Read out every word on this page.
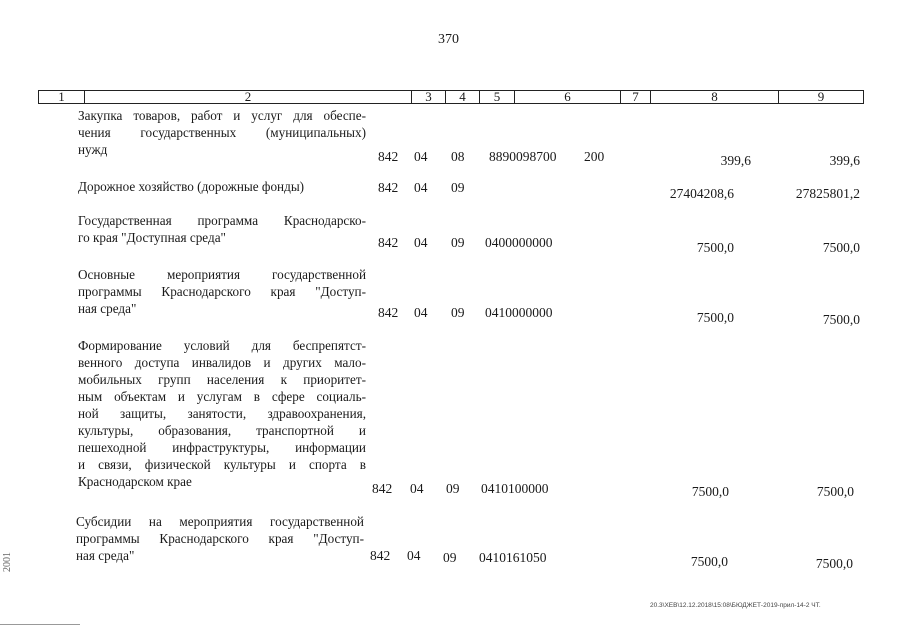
370
1	2	3	4	5	6	7	8	9
Закупка товаров, работ и услуг для обеспе-
чения государственных (муниципальных)
нужд	842 04 08 8890098700 200	399,6	399,6
Дорожное хозяйство (дорожные фонды)	842 04 09	27404208,6	27825801,2
Государственная программа Краснодарско-
го края "Доступная среда"	842 04 09 0400000000	7500,0	7500,0
Основные мероприятия государственной
программы Краснодарского края "Доступ-
ная среда"	842 04 09 0410000000	7500,0	7500,0
Формирование условий для беспрепятст-
венного доступа инвалидов и других мало-
мобильных групп населения к приоритет-
ным объектам и услугам в сфере социаль-
ной защиты, занятости, здравоохранения,
культуры, образования, транспортной и
пешеходной инфраструктуры, информации
и связи, физической культуры и спорта в
Краснодарском крае	842 04 09 0410100000	7500,0	7500,0
Субсидии на мероприятия государственной
программы Краснодарского края "Доступ-
ная среда"	842 04 09 0410161050	7500,0	7500,0
20.3\ХЕВ\12.12.2018\15:08\БЮДЖЕТ-2019-прил-14-2 ЧТ.
2001
